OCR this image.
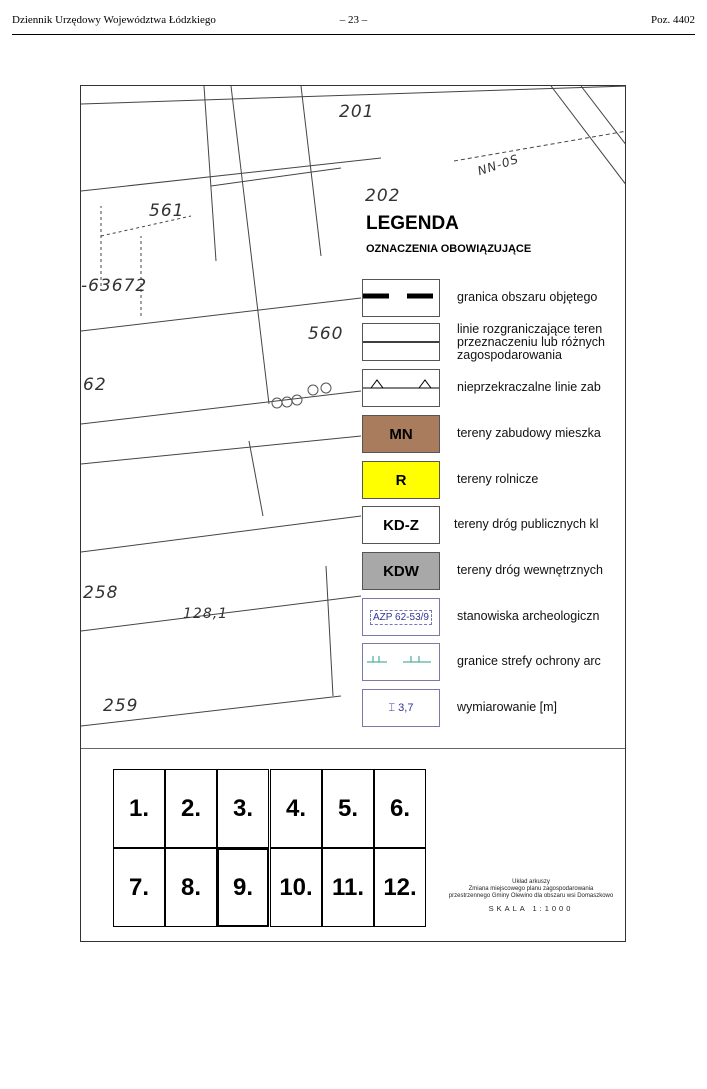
Dziennik Urzędowy Województwa Łódzkiego	– 23 –	Poz. 4402
201
202
561
-63672
560
62
258
128,1
259
NN-0S
LEGENDA
OZNACZENIA OBOWIĄZUJĄCE
granica obszaru objętego
linie rozgraniczające teren
przeznaczeniu lub różnych
zagospodarowania
nieprzekraczalne linie zab
MN	tereny zabudowy mieszka
R	tereny rolnicze
KD-Z	tereny dróg publicznych kl
KDW	tereny dróg wewnętrznych
AZP 62-53/9 stanowiska archeologiczn
granice strefy ochrony arc
⌶ 3,7	wymiarowanie [m]
1.	2.	3.	4.	5.	6.
7.	8.	9.	10. 11. 12.	Układ arkuszy
Zmiana miejscowego planu zagospodarowania
przestrzennego Gminy Olewino dla obszaru wsi Domaszkowo
SKALA 1:1000
